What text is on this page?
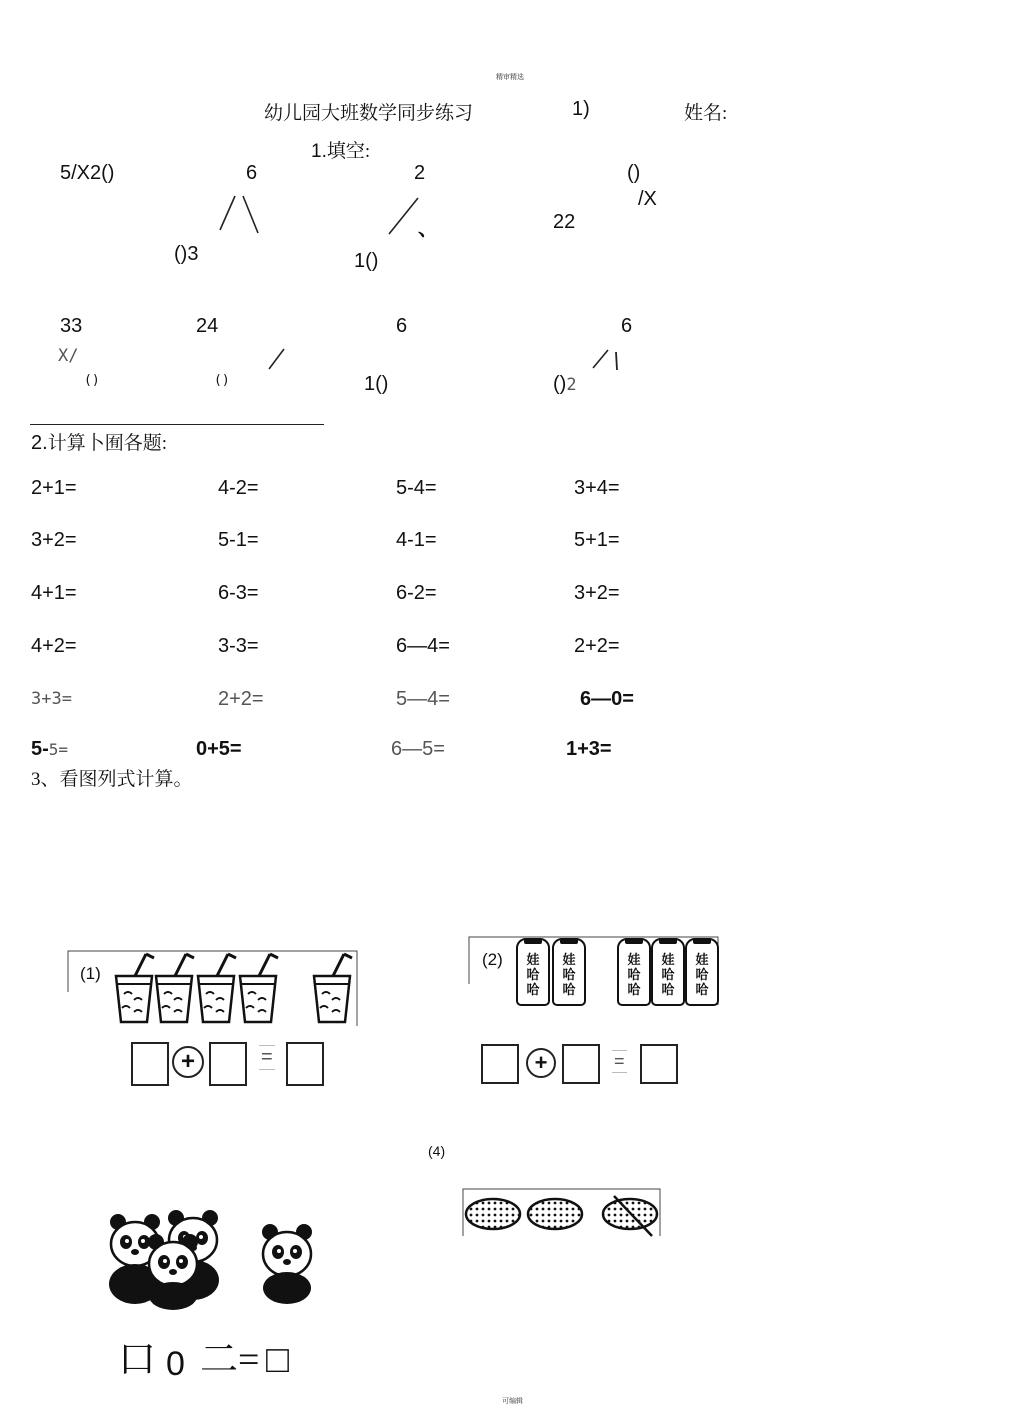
精审精选
幼儿园大班数学同步练习	1)	姓名:
1.填空:
5/X2()	6
()3
2
、
1()
()
/X
22
33
X/
()
24
()
6
1()
6
()2
2.计算卜囿各题:
2+1=	4-2=	5-4=	3+4=
3+2=	5-1=	4-1=	5+1=
4+1=	6-3=	6-2=	3+2=
4+2=	3-3=	6—4=	2+2=
3+3=	2+2=	5—4=	6—0=
5-5=	0+5=	6—5=	1+3=
3、看图列式计算。
(1)
+	=
(2)	娃
哈
哈
娃
哈
哈
娃
哈
哈
娃
哈
哈
娃
哈
哈
+	=
(4)
口 0 二= □
可编辑
